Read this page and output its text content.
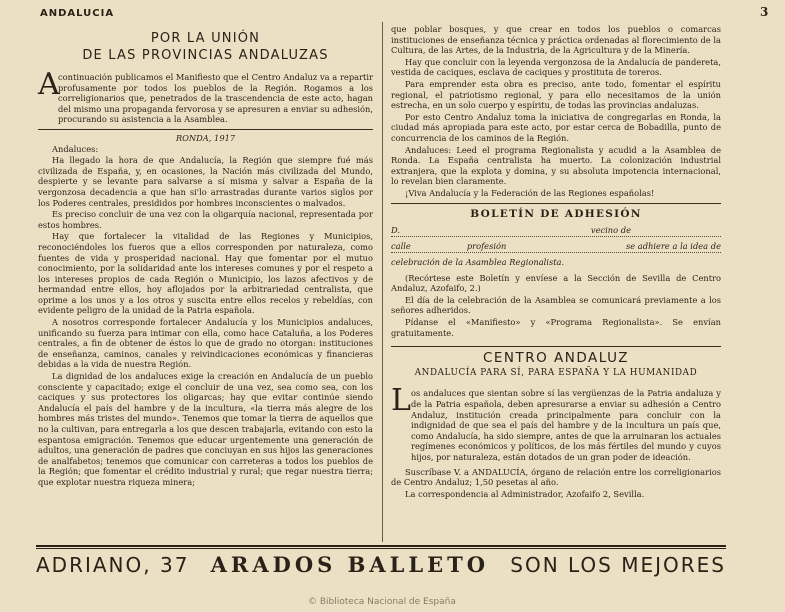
ANDALUCIA	3
POR LA UNIÓN
DE LAS PROVINCIAS ANDALUZAS
A
continuación publicamos el Manifiesto que el Centro Andaluz va a repartir profusamente por todos los pueblos de la Región. Rogamos a los correligionarios que, penetrados de la trascendencia de este acto, hagan del mismo una propaganda fervorosa y se apresuren a enviar su adhesión, procurando su asistencia a la Asamblea.
RONDA, 1917
Andaluces:
Ha llegado la hora de que Andalucía, la Región que siempre fué más civilizada de España, y, en ocasiones, la Nación más civilizada del Mundo, despierte y se levante para salvarse a sí misma y salvar a España de la vergonzosa decadencia a que han si'lo arrastradas durante varios siglos por los Poderes centrales, presididos por hombres inconscientes o malvados.
Es preciso concluir de una vez con la oligarquía nacional, representada por estos hombres.
Hay que fortalecer la vitalidad de las Regiones y Municipios, reconociéndoles los fueros que a ellos corresponden por naturaleza, como fuentes de vida y prosperidad nacional. Hay que fomentar por el mutuo conocimiento, por la solidaridad ante los intereses comunes y por el respeto a los intereses propios de cada Región o Municipio, los lazos afectivos y de hermandad entre ellos, hoy aflojados por la arbitrariedad centralista, que oprime a los unos y a los otros y suscita entre ellos recelos y rebeldías, con evidente peligro de la unidad de la Patria española.
A nosotros corresponde fortalecer Andalucía y los Municipios andaluces, unificando su fuerza para intimar con ella, como hace Cataluña, a los Poderes centrales, a fin de obtener de éstos lo que de grado no otorgan: instituciones de enseñanza, caminos, canales y reivindicaciones económicas y financieras debidas a la vida de nuestra Región.
La dignidad de los andaluces exige la creación en Andalucía de un pueblo consciente y capacitado; exige el concluir de una vez, sea como sea, con los caciques y sus protectores los oligarcas; hay que evitar continúe siendo Andalucía el país del hambre y de la incultura, «la tierra más alegre de los hombres más tristes del mundo». Tenemos que tomar la tierra de aquellos que no la cultivan, para entregarla a los que descen trabajarla, evitando con esto la espantosa emigración. Tenemos que educar urgentemente una generación de adultos, una generación de padres que conciuyan en sus hijos las generaciones de analfabetos; tenemos que comunicar con carreteras a todos los pueblos de la Región; que fomentar el crédito industrial y rural; que regar nuestra tierra; que explotar nuestra riqueza minera;
que poblar bosques, y que crear en todos los pueblos o comarcas instituciones de enseñanza técnica y práctica ordenadas al florecimiento de la Cultura, de las Artes, de la Industria, de la Agricultura y de la Minería.
Hay que concluir con la leyenda vergonzosa de la Andalucía de pandereta, vestida de caciques, esclava de caciques y prostituta de toreros.
Para emprender esta obra es preciso, ante todo, fomentar el espíritu regional, el patriotismo regional, y para ello necesitamos de la unión estrecha, en un solo cuerpo y espíritu, de todas las provincias andaluzas.
Por esto Centro Andaluz toma la iniciativa de congregarlas en Ronda, la ciudad más apropiada para este acto, por estar cerca de Bobadilla, punto de concurrencia de los caminos de la Región.
Andaluces: Leed el programa Regionalista y acudid a la Asamblea de Ronda. La España centralista ha muerto. La colonización industrial extranjera, que la explota y domina, y su absoluta impotencia internacional, lo revelan bien claramente.
¡Viva Andalucía y la Federación de las Regiones españolas!
BOLETÍN DE ADHESIÓN
D.	vecino de
calle	profesión	se adhiere a la idea de
celebración de la Asamblea Regionalista.
(Recórtese este Boletín y envíese a la Sección de Sevilla de Centro Andaluz, Azofaifo, 2.)
El día de la celebración de la Asamblea se comunicará previamente a los señores adheridos.
Pídanse el «Manifiesto» y «Programa Regionalista». Se envían gratuitamente.
CENTRO ANDALUZ
ANDALUCÍA PARA SÍ, PARA ESPAÑA Y LA HUMANIDAD
L os andaluces que sientan sobre sí las vergüenzas de la Patria andaluza y de la Patria española, deben apresurarse a enviar su adhesión a Centro Andaluz, institución creada principalmente para concluir con la indignidad de que sea el país del hambre y de la incultura un país que, como Andalucía, ha sido siempre, antes de que la arruinaran los actuales regímenes económicos y políticos, de los más fértiles del mundo y cuyos hijos, por naturaleza, están dotados de un gran poder de ideación.
Suscríbase V. a ANDALUCÍA, órgano de relación entre los correligionarios de Centro Andaluz; 1,50 pesetas al año.
La correspondencia al Administrador, Azofaifo 2, Sevilla.
ADRIANO, 37 ARADOS BALLETO SON LOS MEJORES
© Biblioteca Nacional de España
